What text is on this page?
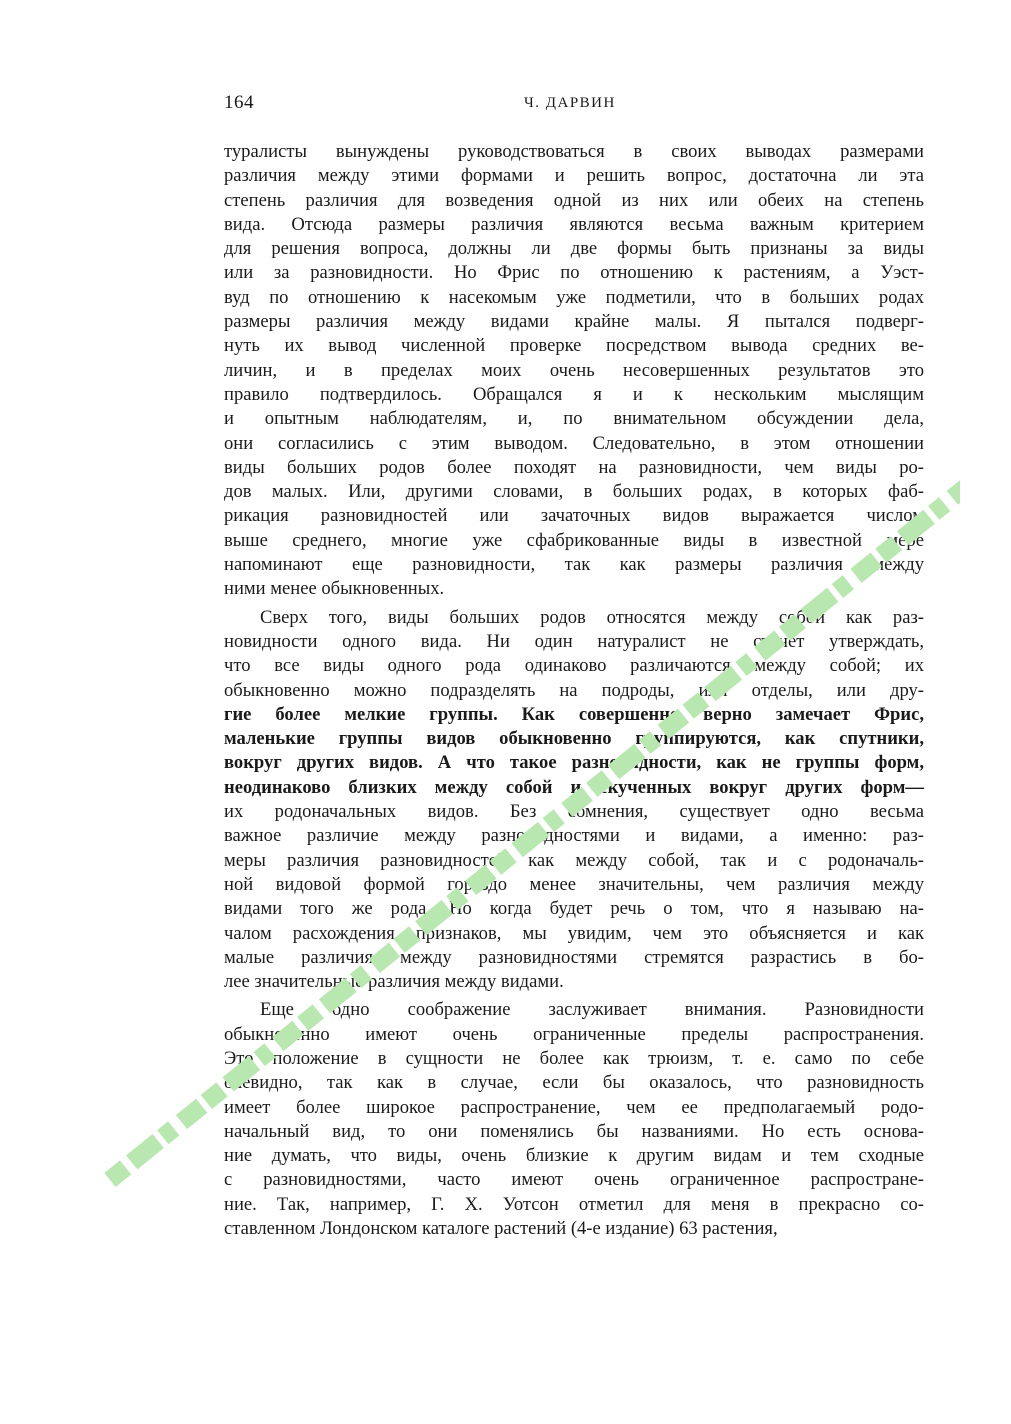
164	Ч. ДАРВИН
туралисты вынуждены руководствоваться в своих выводах размерами
различия между этими формами и решить вопрос, достаточна ли эта
степень различия для возведения одной из них или обеих на степень
вида. Отсюда размеры различия являются весьма важным критерием
для решения вопроса, должны ли две формы быть признаны за виды
или за разновидности. Но Фрис по отношению к растениям, а Уэст-
вуд по отношению к насекомым уже подметили, что в больших родах
размеры различия между видами крайне малы. Я пытался подверг-
нуть их вывод численной проверке посредством вывода средних ве-
личин, и в пределах моих очень несовершенных результатов это
правило подтвердилось. Обращался я и к нескольким мыслящим
и опытным наблюдателям, и, по внимательном обсуждении дела,
они согласились с этим выводом. Следовательно, в этом отношении
виды больших родов более походят на разновидности, чем виды ро-
дов малых. Или, другими словами, в больших родах, в которых фаб-
рикация разновидностей или зачаточных видов выражается числом
выше среднего, многие уже сфабрикованные виды в известной мере
напоминают еще разновидности, так как размеры различия между
ними менее обыкновенных.
Сверх того, виды больших родов относятся между собой как раз-
новидности одного вида. Ни один натуралист не станет утверждать,
что все виды одного рода одинаково различаются между собой; их
обыкновенно можно подразделять на подроды, или отделы, или дру-
гие более мелкие группы. Как совершенно верно замечает Фрис,
маленькие группы видов обыкновенно группируются, как спутники,
вокруг других видов. А что такое разновидности, как не группы форм,
неодинаково близких между собой и скученных вокруг других форм—
их родоначальных видов. Без сомнения, существует одно весьма
важное различие между разновидностями и видами, а именно: раз-
меры различия разновидностей как между собой, так и с родоначаль-
ной видовой формой гораздо менее значительны, чем различия между
видами того же рода. Но когда будет речь о том, что я называю на-
чалом расхождения признаков, мы увидим, чем это объясняется и как
малые различия между разновидностями стремятся разрастись в бо-
лее значительные различия между видами.
Еще одно соображение заслуживает внимания. Разновидности
обыкновенно имеют очень ограниченные пределы распространения.
Это положение в сущности не более как трюизм, т. е. само по себе
очевидно, так как в случае, если бы оказалось, что разновидность
имеет более широкое распространение, чем ее предполагаемый родо-
начальный вид, то они поменялись бы названиями. Но есть основа-
ние думать, что виды, очень близкие к другим видам и тем сходные
с разновидностями, часто имеют очень ограниченное распростране-
ние. Так, например, Г. Х. Уотсон отметил для меня в прекрасно со-
ставленном Лондонском каталоге растений (4-е издание) 63 растения,
